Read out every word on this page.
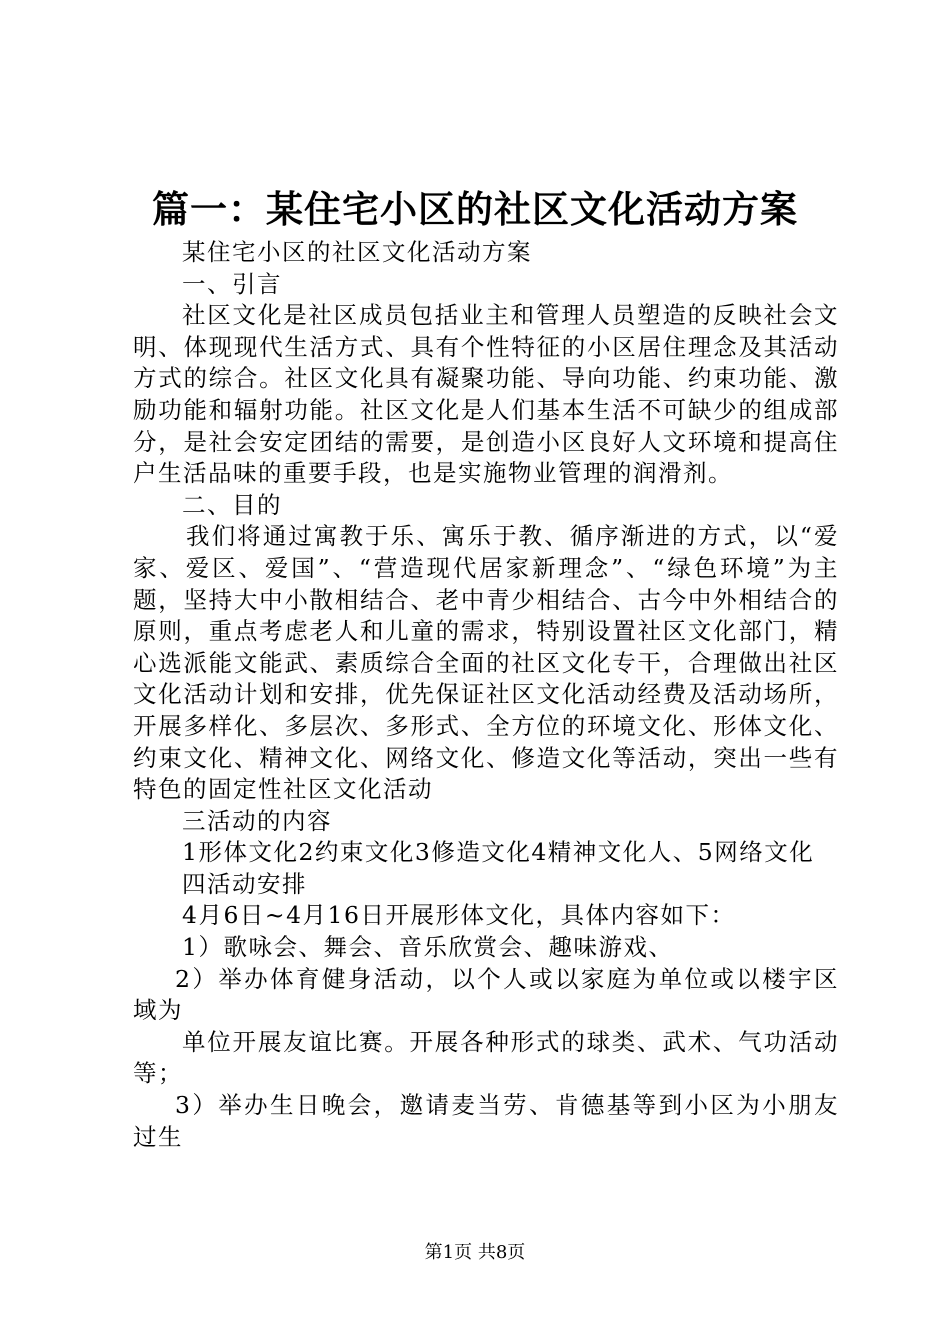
篇一：某住宅小区的社区文化活动方案

某住宅小区的社区文化活动方案

一、引言

社区文化是社区成员包括业主和管理人员塑造的反映社会文明、体现现代生活方式、具有个性特征的小区居住理念及其活动方式的综合。社区文化具有凝聚功能、导向功能、约束功能、激励功能和辐射功能。社区文化是人们基本生活不可缺少的组成部分，是社会安定团结的需要，是创造小区良好人文环境和提高住户生活品味的重要手段，也是实施物业管理的润滑剂。

二、目的

我们将通过寓教于乐、寓乐于教、循序渐进的方式，以“爱家、爱区、爱国”、“营造现代居家新理念”、“绿色环境”为主题，坚持大中小散相结合、老中青少相结合、古今中外相结合的原则，重点考虑老人和儿童的需求，特别设置社区文化部门，精心选派能文能武、素质综合全面的社区文化专干，合理做出社区文化活动计划和安排，优先保证社区文化活动经费及活动场所，开展多样化、多层次、多形式、全方位的环境文化、形体文化、约束文化、精神文化、网络文化、修造文化等活动，突出一些有特色的固定性社区文化活动

三活动的内容

1形体文化2约束文化3修造文化4精神文化人、5网络文化

四活动安排

4月6日~4月16日开展形体文化，具体内容如下：

1）歌咏会、舞会、音乐欣赏会、趣味游戏、

2）举办体育健身活动，以个人或以家庭为单位或以楼宇区域为

单位开展友谊比赛。开展各种形式的球类、武术、气功活动等；

3）举办生日晚会，邀请麦当劳、肯德基等到小区为小朋友过生

第1页 共8页
